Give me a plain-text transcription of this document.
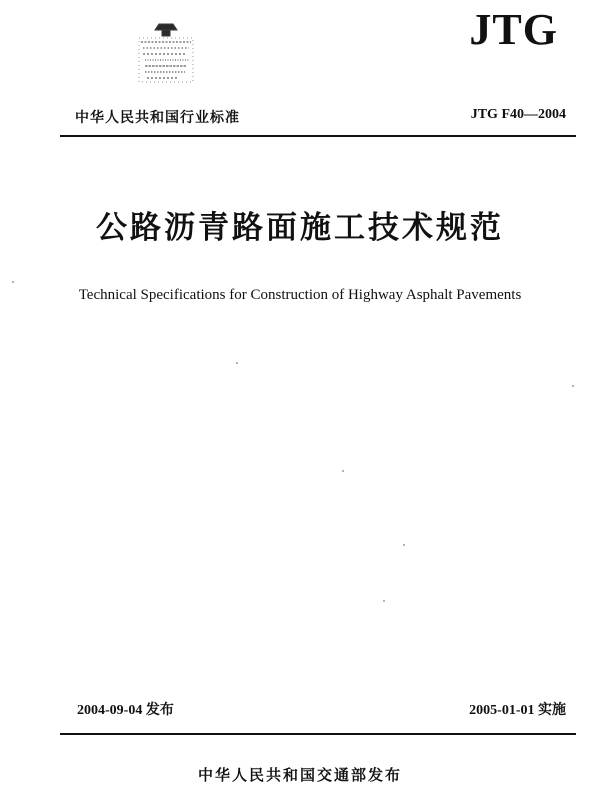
JTG
中华人民共和国行业标准	JTG F40—2004
公路沥青路面施工技术规范
Technical Specifications for Construction of Highway Asphalt Pavements
2004-09-04 发布	2005-01-01 实施
中华人民共和国交通部发布
